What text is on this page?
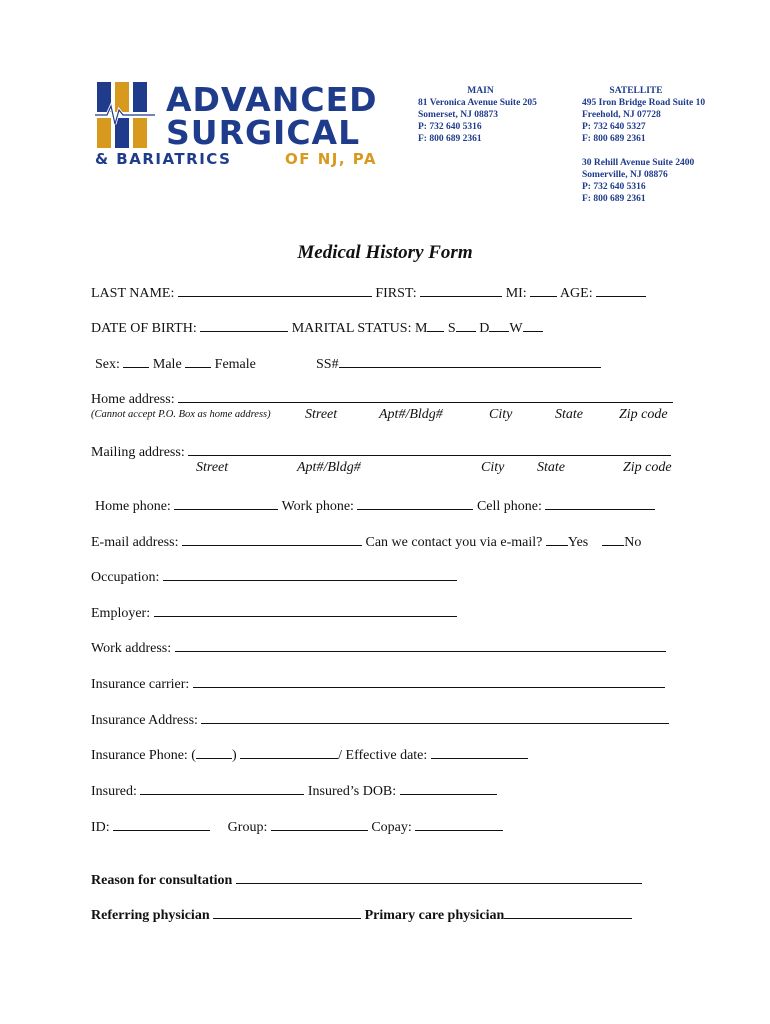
ADVANCED
SURGICAL
& BARIATRICS	OF NJ, PA
MAIN
81 Veronica Avenue Suite 205
Somerset, NJ 08873
P: 732 640 5316
F: 800 689 2361
SATELLITE
495 Iron Bridge Road Suite 10
Freehold, NJ 07728
P: 732 640 5327
F: 800 689 2361
30 Rehill Avenue Suite 2400
Somerville, NJ 08876
P: 732 640 5316
F: 800 689 2361
Medical History Form
LAST NAME:	FIRST:	MI: AGE:
DATE OF BIRTH:	MARITAL STATUS: M S D W
Sex: Male Female	SS#
Home address:
(Cannot accept P.O. Box as home address) Street	Apt#/Bldg#	City	State	Zip code
Mailing address:
Street	Apt#/Bldg#	City State	Zip code
Home phone:	Work phone:	Cell phone:
E-mail address:	Can we contact you via e-mail? Yes	No
Occupation:
Employer:
Work address:
Insurance carrier:
Insurance Address:
Insurance Phone: (	)	/ Effective date:
Insured:	Insured’s DOB:
ID:	Group:	Copay:
Reason for consultation
Referring physician	Primary care physician
